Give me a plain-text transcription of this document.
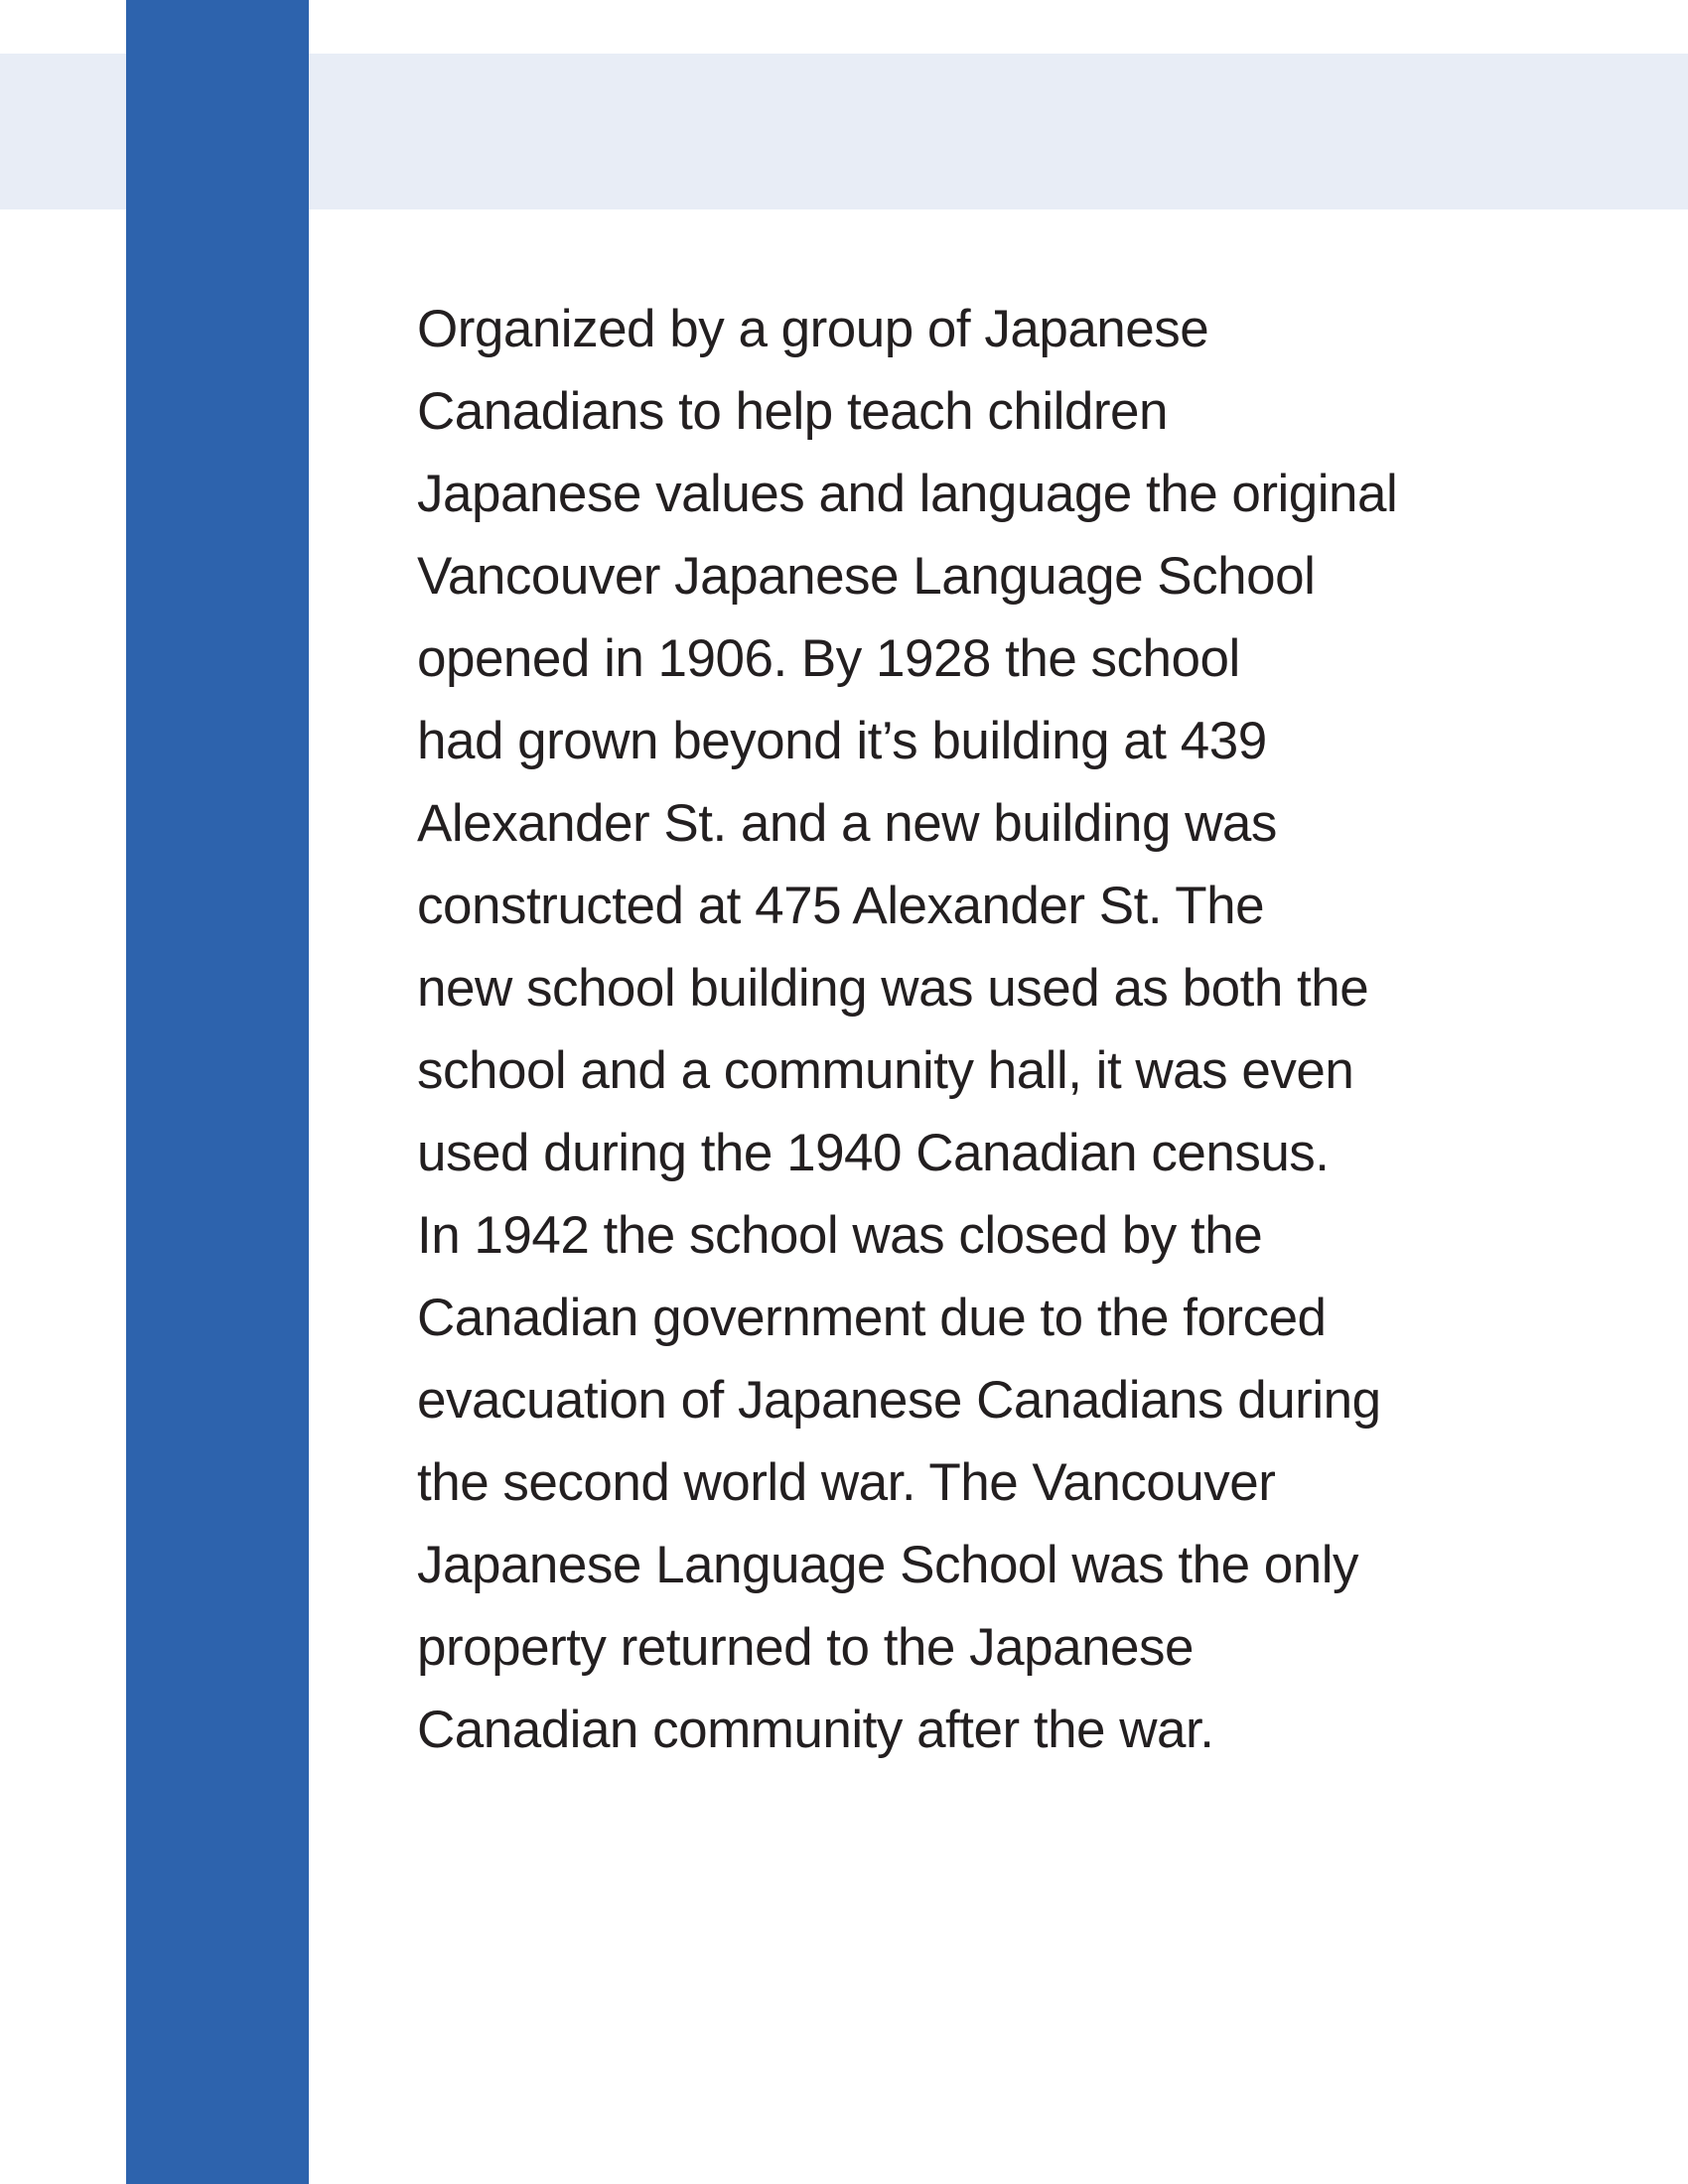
Organized by a group of Japanese
Canadians to help teach children
Japanese values and language the original
Vancouver Japanese Language School
opened in 1906. By 1928 the school
had grown beyond it’s building at 439
Alexander St. and a new building was
constructed at 475 Alexander St. The
new school building was used as both the
school and a community hall, it was even
used during the 1940 Canadian census.
In 1942 the school was closed by the
Canadian government due to the forced
evacuation of Japanese Canadians during
the second world war. The Vancouver
Japanese Language School was the only
property returned to the Japanese
Canadian community after the war.
